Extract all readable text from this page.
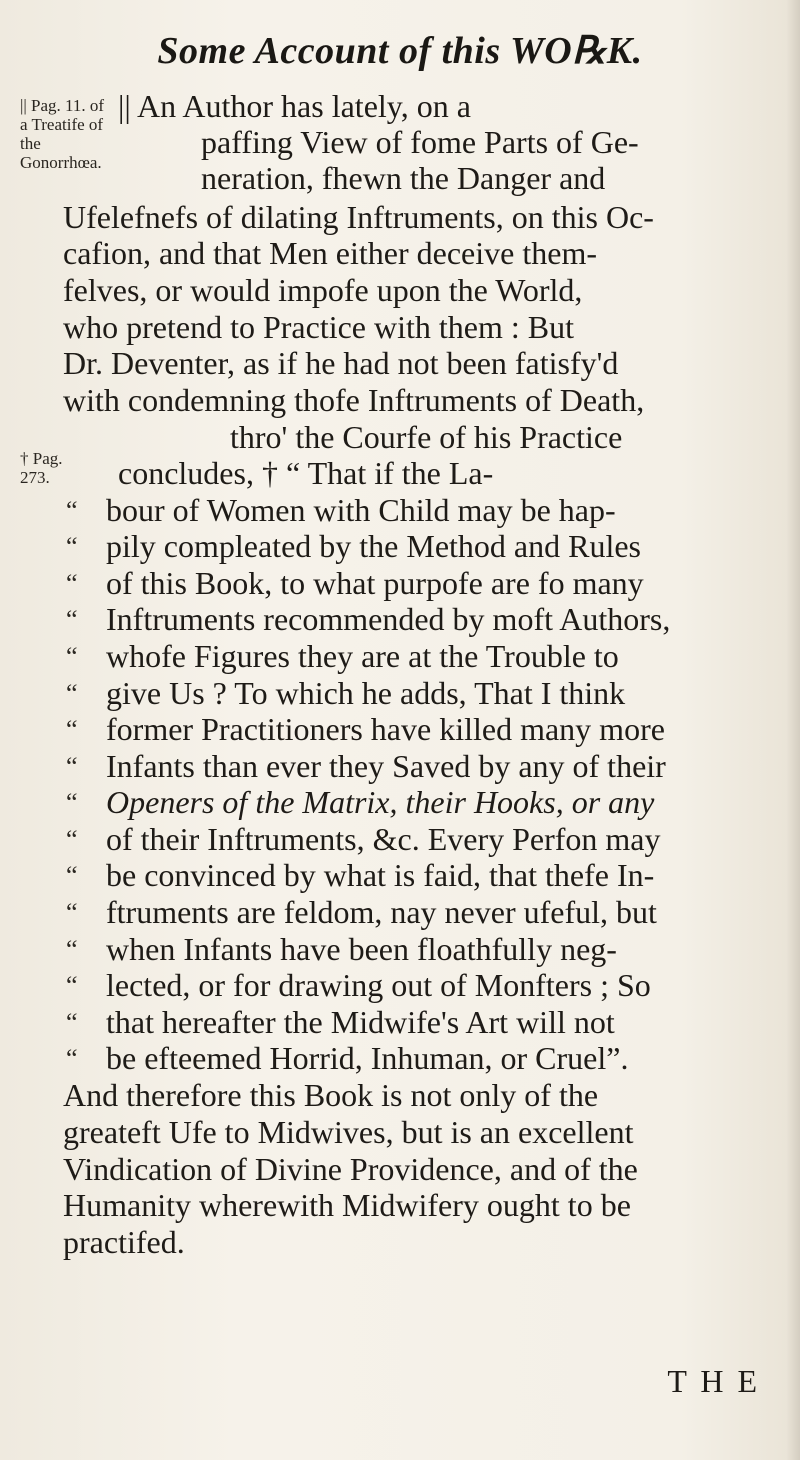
Some Account of this WO℞K.
|| Pag. 11. of a Treatife of the Gonorrhœa.
† Pag. 273.
|| An Author has lately, on a
paffing View of fome Parts of Ge-
neration, fhewn the Danger and
Ufelefnefs of dilating Inftruments, on this Oc-
cafion, and that Men either deceive them-
felves, or would impofe upon the World,
who pretend to Practice with them : But
Dr. Deventer, as if he had not been fatisfy'd
with condemning thofe Inftruments of Death,
thro' the Courfe of his Practice
concludes, † “ That if the La-
“ bour of Women with Child may be hap-
“ pily compleated by the Method and Rules
“ of this Book, to what purpofe are fo many
“ Inftruments recommended by moft Authors,
“ whofe Figures they are at the Trouble to
“ give Us ? To which he adds, That I think
“ former Practitioners have killed many more
“ Infants than ever they Saved by any of their
“ Openers of the Matrix, their Hooks, or any
“ of their Inftruments, &c. Every Perfon may
“ be convinced by what is faid, that thefe In-
“ ftruments are feldom, nay never ufeful, but
“ when Infants have been floathfully neg-
“ lected, or for drawing out of Monfters ; So
“ that hereafter the Midwife's Art will not
“ be efteemed Horrid, Inhuman, or Cruel”.
And therefore this Book is not only of the
greateft Ufe to Midwives, but is an excellent
Vindication of Divine Providence, and of the
Humanity wherewith Midwifery ought to be
practifed.
T H E
